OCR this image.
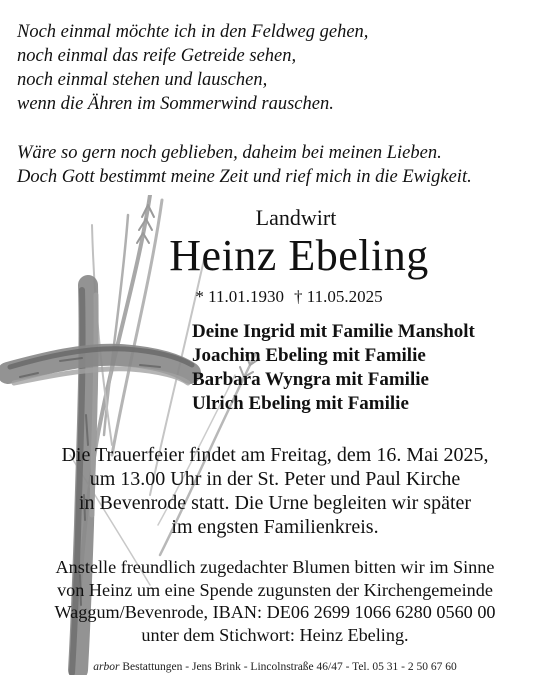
Noch einmal möchte ich in den Feldweg gehen,
noch einmal das reife Getreide sehen,
noch einmal stehen und lauschen,
wenn die Ähren im Sommerwind rauschen.
Wäre so gern noch geblieben, daheim bei meinen Lieben.
Doch Gott bestimmt meine Zeit und rief mich in die Ewigkeit.
Landwirt
Heinz Ebeling
* 11.01.1930 † 11.05.2025
Deine Ingrid mit Familie Mansholt
Joachim Ebeling mit Familie
Barbara Wyngra mit Familie
Ulrich Ebeling mit Familie
Die Trauerfeier findet am Freitag, dem 16. Mai 2025,
um 13.00 Uhr in der St. Peter und Paul Kirche
in Bevenrode statt. Die Urne begleiten wir später
im engsten Familienkreis.
Anstelle freundlich zugedachter Blumen bitten wir im Sinne
von Heinz um eine Spende zugunsten der Kirchengemeinde
Waggum/Bevenrode, IBAN: DE06 2699 1066 6280 0560 00
unter dem Stichwort: Heinz Ebeling.
arbor Bestattungen - Jens Brink - Lincolnstraße 46/47 - Tel. 05 31 - 2 50 67 60
